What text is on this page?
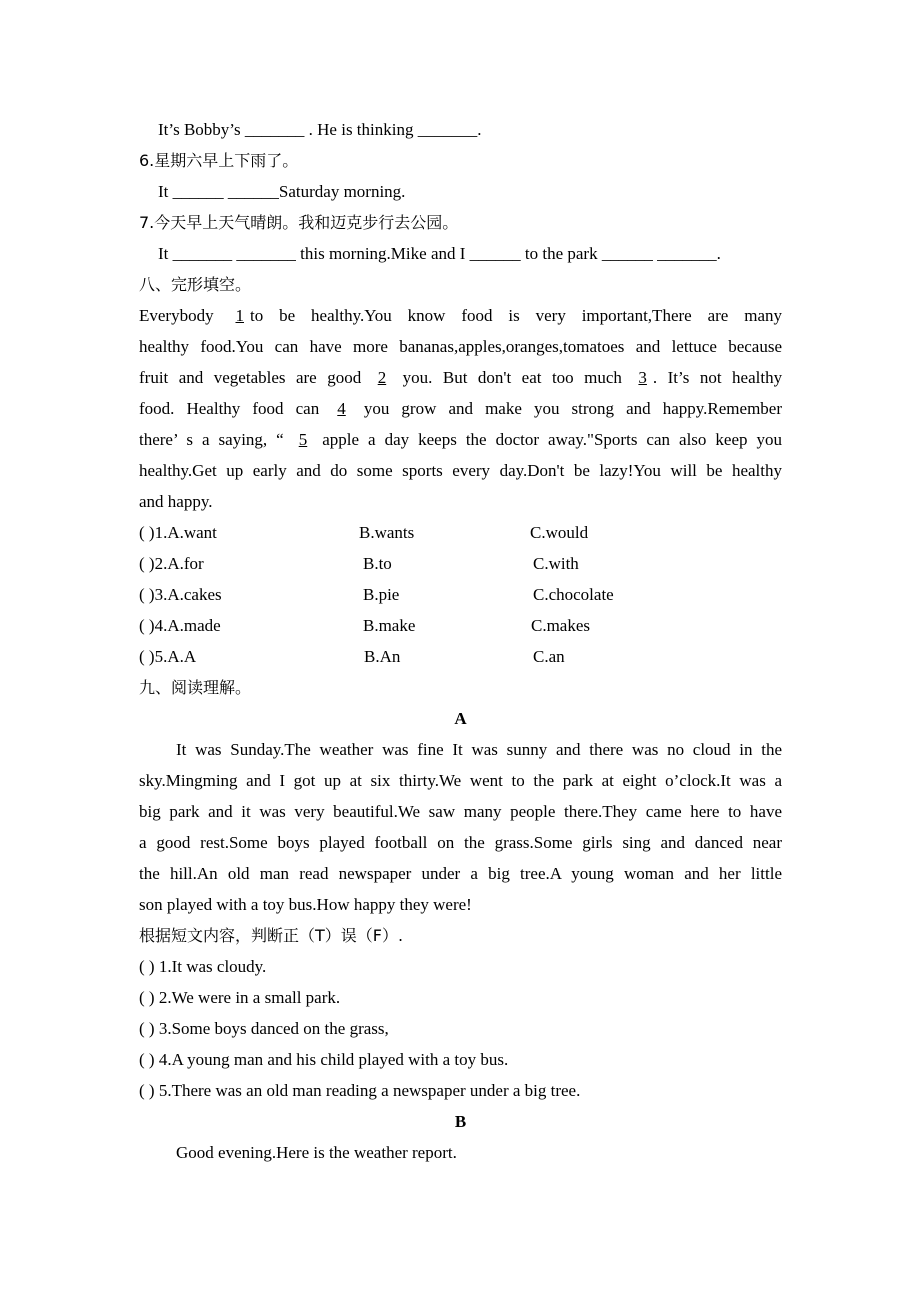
It’s Bobby’s _______ . He is thinking _______.
6.星期六早上下雨了。
It ______ ______Saturday morning.
7.今天早上天气晴朗。我和迈克步行去公园。
It _______ _______ this morning.Mike and I ______ to the park ______ _______.
八、完形填空。
Everybody 1 to be healthy.You know food is very important,There are many
healthy food.You can have more bananas,apples,oranges,tomatoes and lettuce because
fruit and vegetables are good 2 you. But don't eat too much 3 . It’s not healthy
food. Healthy food can 4 you grow and make you strong and happy.Remember
there’ s a saying, “ 5 apple a day keeps the doctor away."Sports can also keep you
healthy.Get up early and do some sports every day.Don't be lazy!You will be healthy
and happy.
( )1.A.want	B.wants	C.would
( )2.A.for	B.to	C.with
( )3.A.cakes	B.pie	C.chocolate
( )4.A.made	B.make	C.makes
( )5.A.A	B.An	C.an
九、阅读理解。
A
It was Sunday.The weather was fine It was sunny and there was no cloud in the
sky.Mingming and I got up at six thirty.We went to the park at eight o’clock.It was a
big park and it was very beautiful.We saw many people there.They came here to have
a good rest.Some boys played football on the grass.Some girls sing and danced near
the hill.An old man read newspaper under a big tree.A young woman and her little
son played with a toy bus.How happy they were!
根据短文内容，判断正（T）误（F）.
( ) 1.It was cloudy.
( ) 2.We were in a small park.
( ) 3.Some boys danced on the grass,
( ) 4.A young man and his child played with a toy bus.
( ) 5.There was an old man reading a newspaper under a big tree.
B
Good evening.Here is the weather report.
